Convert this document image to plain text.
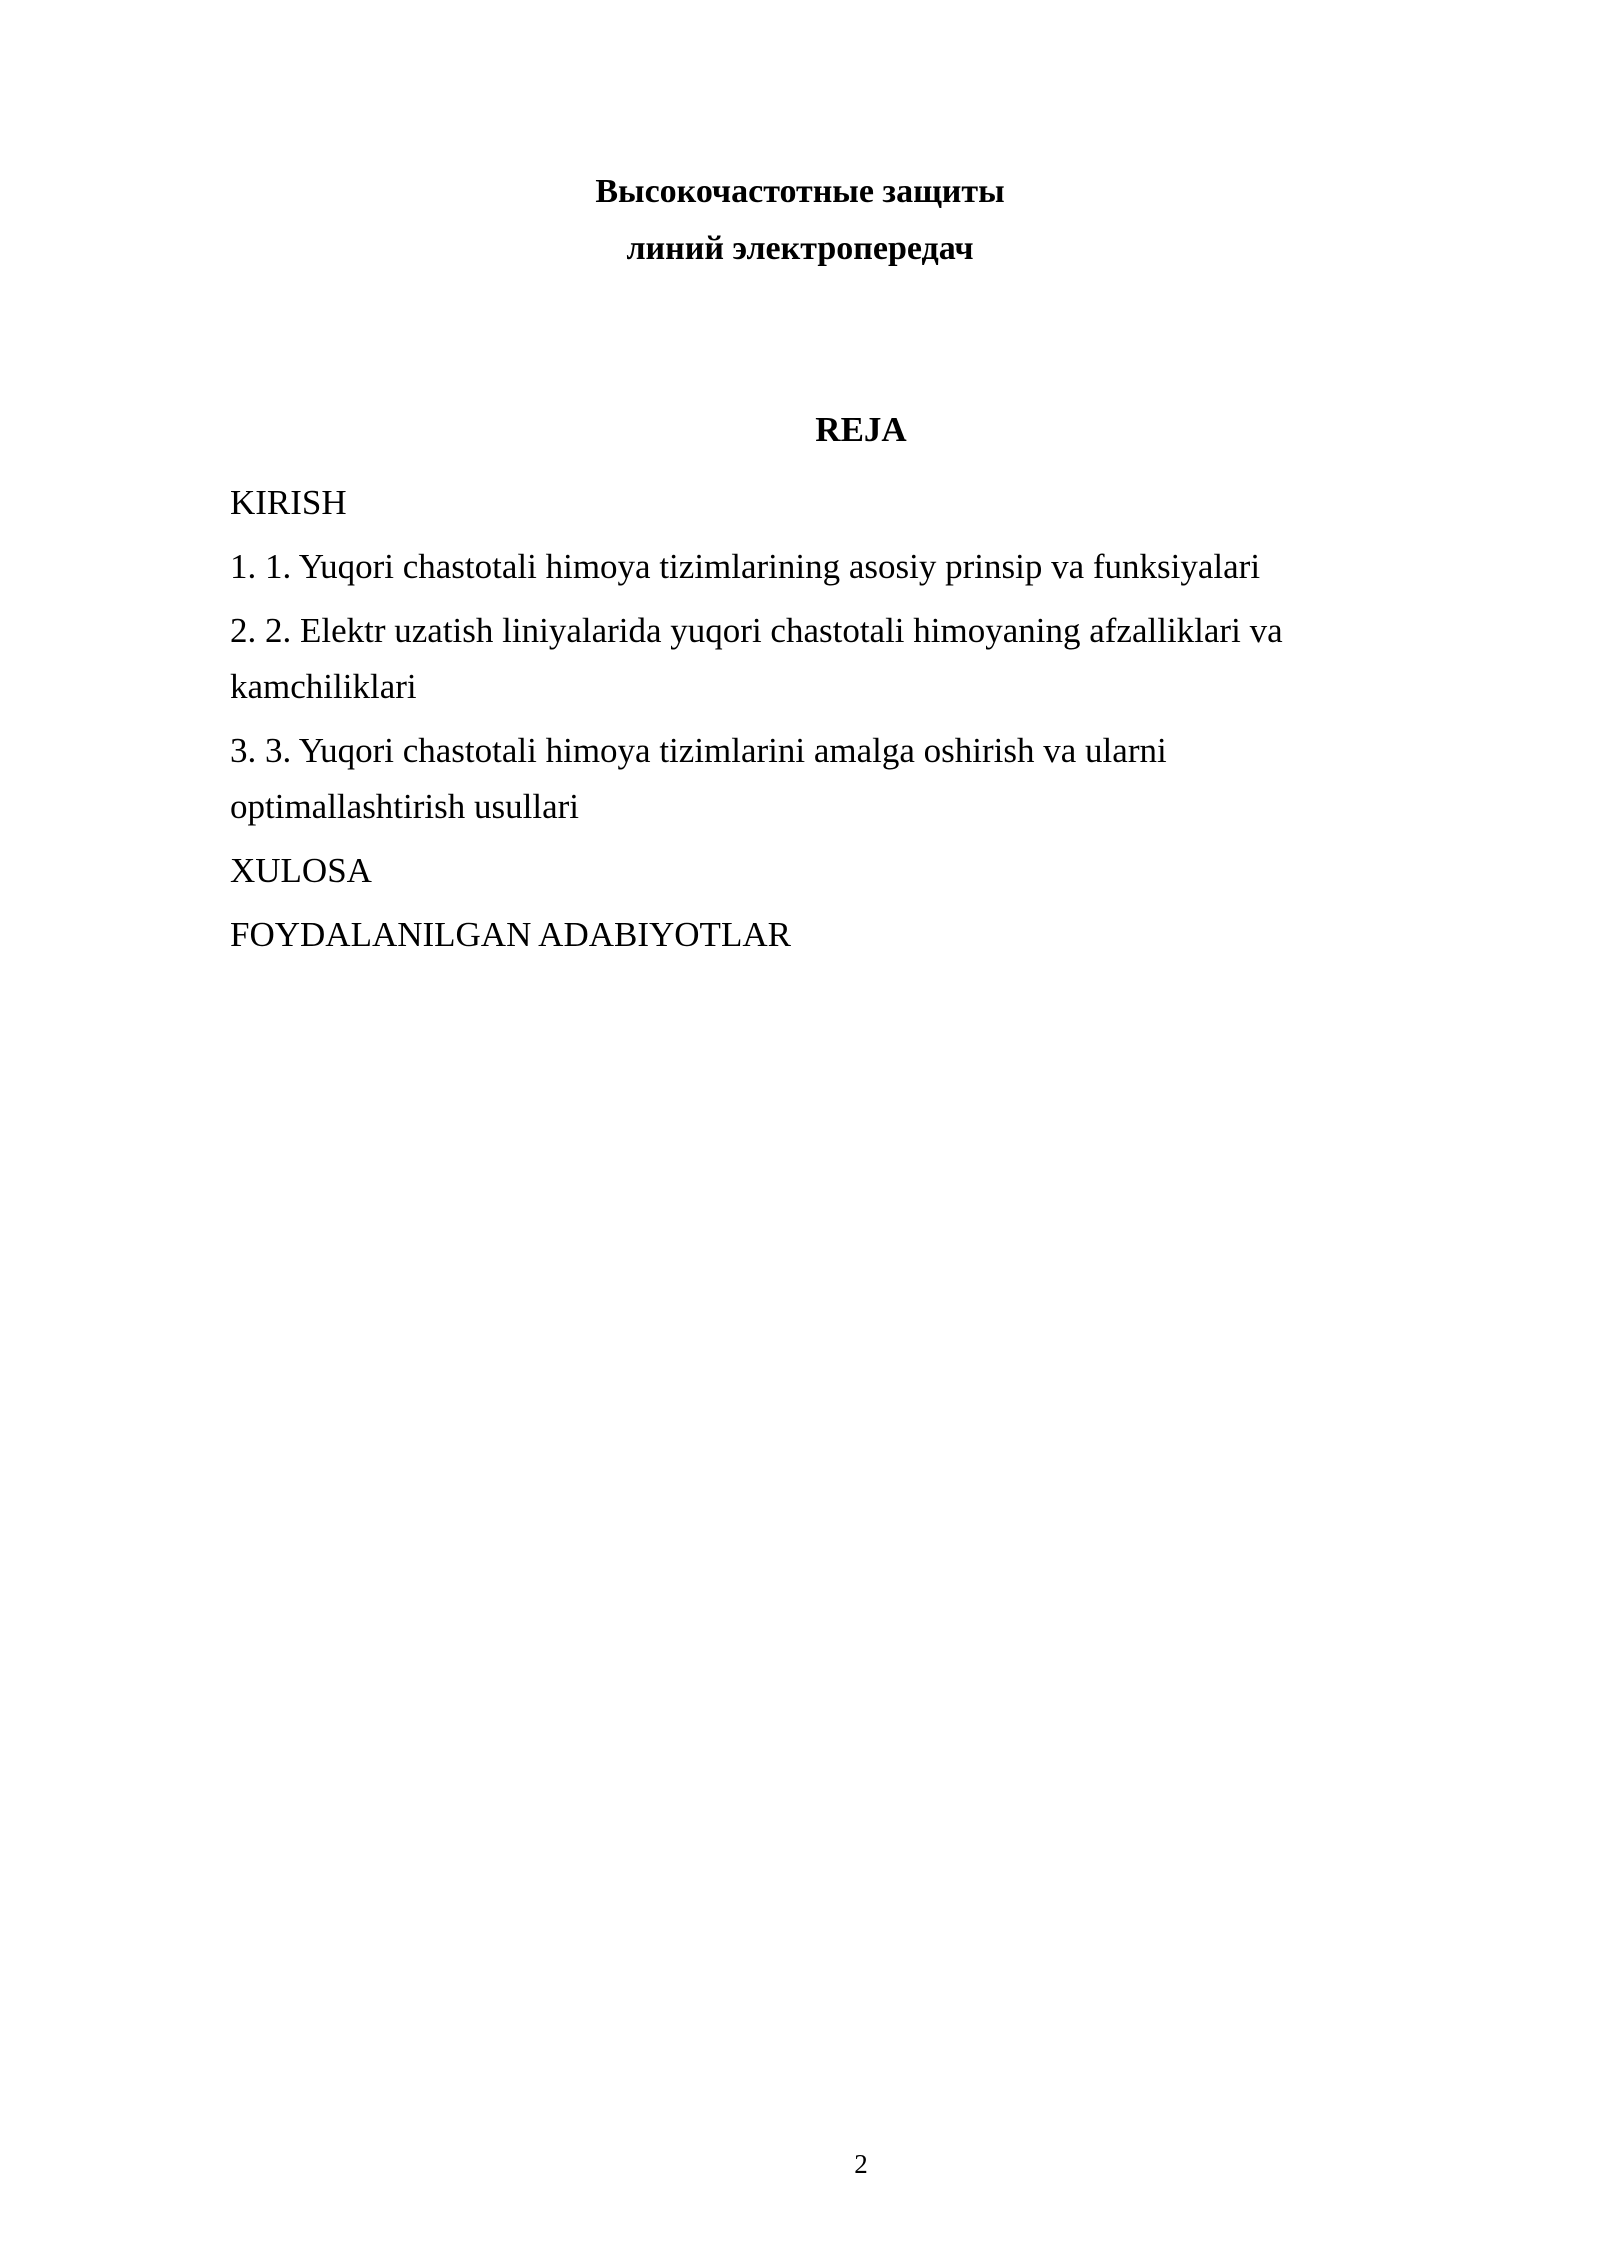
Высокочастотные защиты
линий электропередач
REJA
KIRISH
1. 1. Yuqori chastotali himoya tizimlarining asosiy prinsip va funksiyalari
2. 2. Elektr uzatish liniyalarida yuqori chastotali himoyaning afzalliklari va kamchiliklari
3. 3. Yuqori chastotali himoya tizimlarini amalga oshirish va ularni optimallashtirish usullari
XULOSA
FOYDALANILGAN ADABIYOTLAR
2
